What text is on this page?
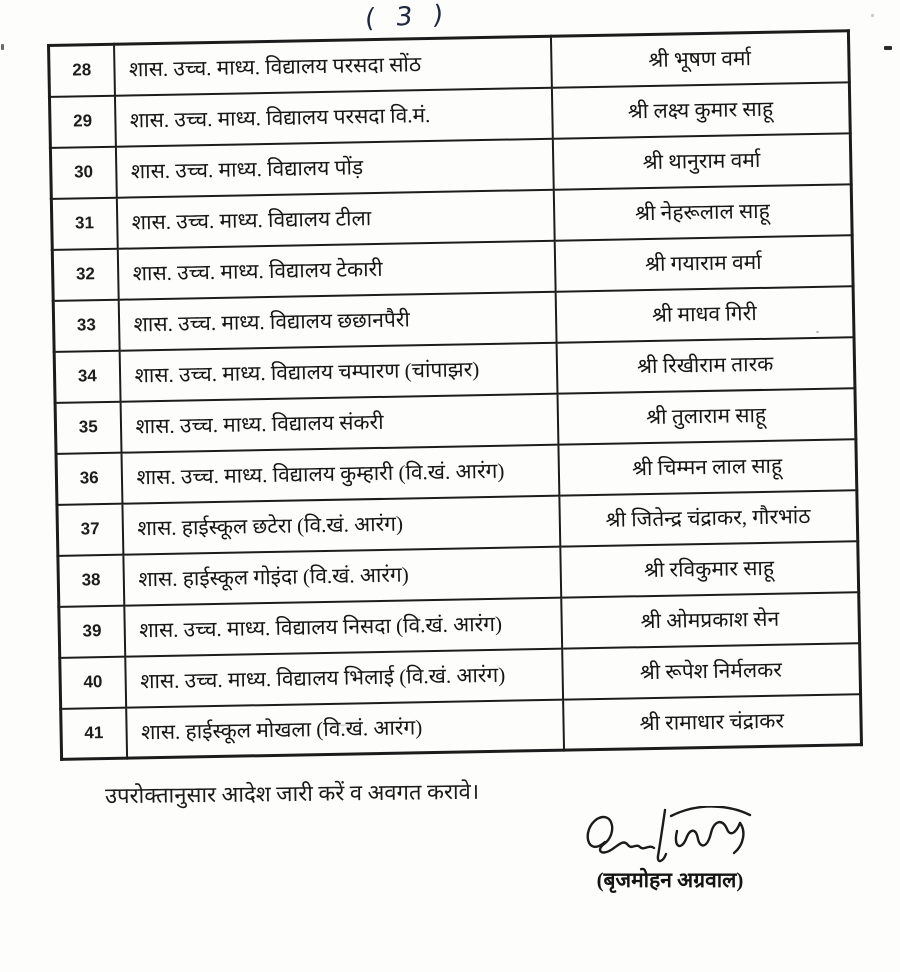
( 3 )
28	शास. उच्च. माध्य. विद्यालय परसदा सोंठ	श्री भूषण वर्मा
29	शास. उच्च. माध्य. विद्यालय परसदा वि.मं.	श्री लक्ष्य कुमार साहू
30	शास. उच्च. माध्य. विद्यालय पोंड़	श्री थानुराम वर्मा
31	शास. उच्च. माध्य. विद्यालय टीला	श्री नेहरूलाल साहू
32	शास. उच्च. माध्य. विद्यालय टेकारी	श्री गयाराम वर्मा
33	शास. उच्च. माध्य. विद्यालय छछानपैरी	श्री माधव गिरी
34	शास. उच्च. माध्य. विद्यालय चम्पारण (चांपाझर)	श्री रिखीराम तारक
35	शास. उच्च. माध्य. विद्यालय संकरी	श्री तुलाराम साहू
36	शास. उच्च. माध्य. विद्यालय कुम्हारी (वि.खं. आरंग)	श्री चिम्मन लाल साहू
37	शास. हाईस्कूल छटेरा (वि.खं. आरंग)	श्री जितेन्द्र चंद्राकर, गौरभांठ
38	शास. हाईस्कूल गोइंदा (वि.खं. आरंग)	श्री रविकुमार साहू
39	शास. उच्च. माध्य. विद्यालय निसदा (वि.खं. आरंग)	श्री ओमप्रकाश सेन
40	शास. उच्च. माध्य. विद्यालय भिलाई (वि.खं. आरंग)	श्री रूपेश निर्मलकर
41	शास. हाईस्कूल मोखला (वि.खं. आरंग)	श्री रामाधार चंद्राकर
उपरोक्तानुसार आदेश जारी करें व अवगत करावे।
(बृजमोहन अग्रवाल)
